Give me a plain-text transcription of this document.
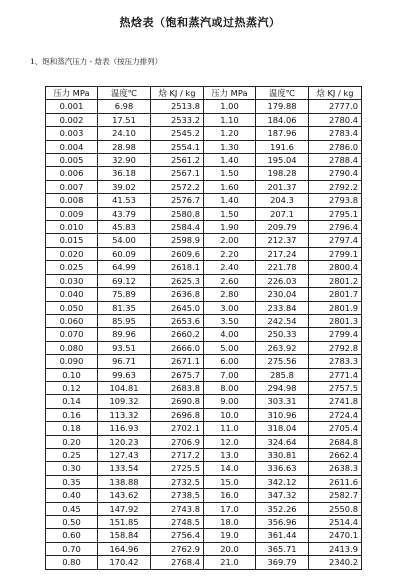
热焓表（饱和蒸汽或过热蒸汽）
1、饱和蒸汽压力 - 焓表（按压力排列）
压力 MPa	温度℃	焓 KJ / kg	压力 MPa	温度℃	焓 KJ / kg
0.001	6.98	2513.8	1.00	179.88	2777.0
0.002	17.51	2533.2	1.10	184.06	2780.4
0.003	24.10	2545.2	1.20	187.96	2783.4
0.004	28.98	2554.1	1.30	191.6	2786.0
0.005	32.90	2561.2	1.40	195.04	2788.4
0.006	36.18	2567.1	1.50	198.28	2790.4
0.007	39.02	2572.2	1.60	201.37	2792.2
0.008	41.53	2576.7	1.40	204.3	2793.8
0.009	43.79	2580.8	1.50	207.1	2795.1
0.010	45.83	2584.4	1.90	209.79	2796.4
0.015	54.00	2598.9	2.00	212.37	2797.4
0.020	60.09	2609.6	2.20	217.24	2799.1
0.025	64.99	2618.1	2.40	221.78	2800.4
0.030	69.12	2625.3	2.60	226.03	2801.2
0.040	75.89	2636.8	2.80	230.04	2801.7
0.050	81.35	2645.0	3.00	233.84	2801.9
0.060	85.95	2653.6	3.50	242.54	2801.3
0.070	89.96	2660.2	4.00	250.33	2799.4
0.080	93.51	2666.0	5.00	263.92	2792.8
0.090	96.71	2671.1	6.00	275.56	2783.3
0.10	99.63	2675.7	7.00	285.8	2771.4
0.12	104.81	2683.8	8.00	294.98	2757.5
0.14	109.32	2690.8	9.00	303.31	2741.8
0.16	113.32	2696.8	10.0	310.96	2724.4
0.18	116.93	2702.1	11.0	318.04	2705.4
0.20	120.23	2706.9	12.0	324.64	2684.8
0.25	127.43	2717.2	13.0	330.81	2662.4
0.30	133.54	2725.5	14.0	336.63	2638.3
0.35	138.88	2732.5	15.0	342.12	2611.6
0.40	143.62	2738.5	16.0	347.32	2582.7
0.45	147.92	2743.8	17.0	352.26	2550.8
0.50	151.85	2748.5	18.0	356.96	2514.4
0.60	158.84	2756.4	19.0	361.44	2470.1
0.70	164.96	2762.9	20.0	365.71	2413.9
0.80	170.42	2768.4	21.0	369.79	2340.2
